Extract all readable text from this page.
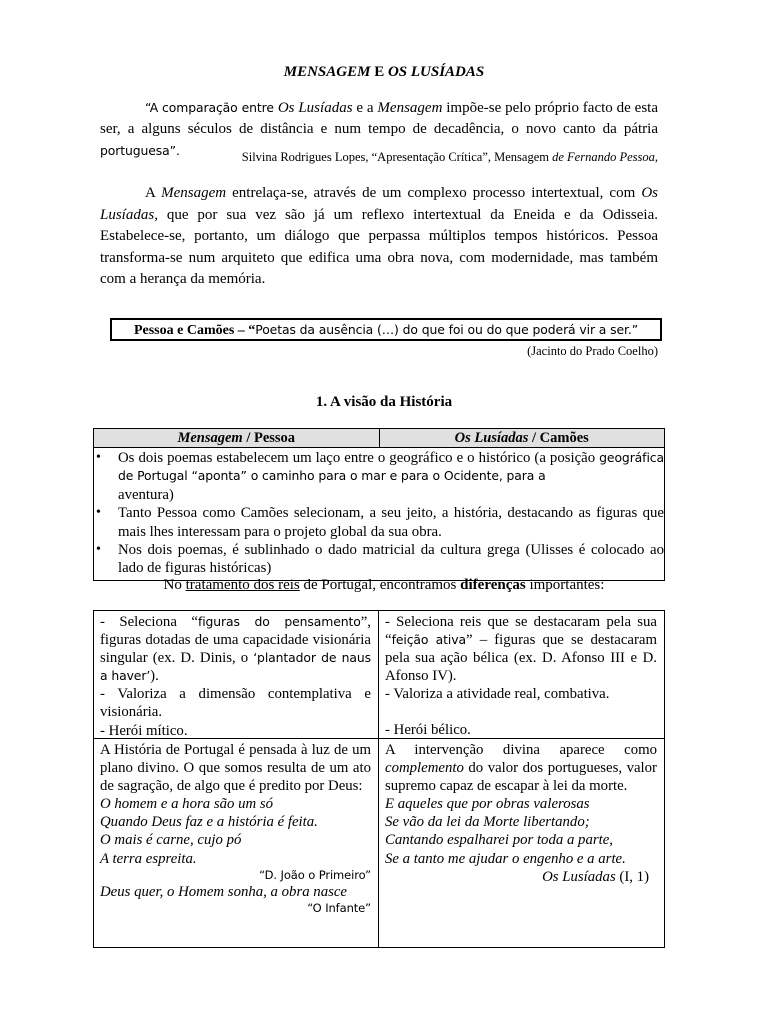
MENSAGEM E OS LUSÍADAS

“A comparação entre Os Lusíadas e a Mensagem impõe-se pelo próprio facto de esta ser, a alguns séculos de distância e num tempo de decadência, o novo canto da pátria portuguesa”.	Silvina Rodrigues Lopes, “Apresentação Crítica”, Mensagem de Fernando Pessoa,

A Mensagem entrelaça-se, através de um complexo processo intertextual, com Os Lusíadas, que por sua vez são já um reflexo intertextual da Eneida e da Odisseia. Estabelece-se, portanto, um diálogo que perpassa múltiplos tempos históricos. Pessoa transforma-se num arquiteto que edifica uma obra nova, com modernidade, mas também com a herança da memória.

Pessoa e Camões – “Poetas da ausência (…) do que foi ou do que poderá vir a ser.”
(Jacinto do Prado Coelho)
1. A visão da História
Mensagem / Pessoa	Os Lusíadas / Camões
• Os dois poemas estabelecem um laço entre o geográfico e o histórico (a posição geográfica de Portugal “aponta” o caminho para o mar e para o Ocidente, para a
aventura)
• Tanto Pessoa como Camões selecionam, a seu jeito, a história, destacando as figuras que mais lhes interessam para o projeto global da sua obra.
• Nos dois poemas, é sublinhado o dado matricial da cultura grega (Ulisses é colocado ao lado de figuras históricas)
No tratamento dos reis de Portugal, encontramos diferenças importantes:

- Seleciona “figuras do pensamento”, figuras dotadas de uma capacidade visionária singular (ex. D. Dinis, o ‘plantador de naus a haver’).

- Valoriza a dimensão contemplativa e visionária.

- Herói mítico.

- Seleciona reis que se destacaram pela sua “feição ativa” – figuras que se destacaram pela sua ação bélica (ex. D. Afonso III e D. Afonso IV).

- Valoriza a atividade real, combativa.

- Herói bélico.

A História de Portugal é pensada à luz de um plano divino. O que somos resulta de um ato de sagração, de algo que é predito por Deus:

O homem e a hora são um só

Quando Deus faz e a história é feita.

O mais é carne, cujo pó

A terra espreita.

“D. João o Primeiro”

Deus quer, o Homem sonha, a obra nasce

“O Infante”

A intervenção divina aparece como complemento do valor dos portugueses, valor supremo capaz de escapar à lei da morte.

E aqueles que por obras valerosas

Se vão da lei da Morte libertando;

Cantando espalharei por toda a parte,

Se a tanto me ajudar o engenho e a arte.

Os Lusíadas (I, 1)
